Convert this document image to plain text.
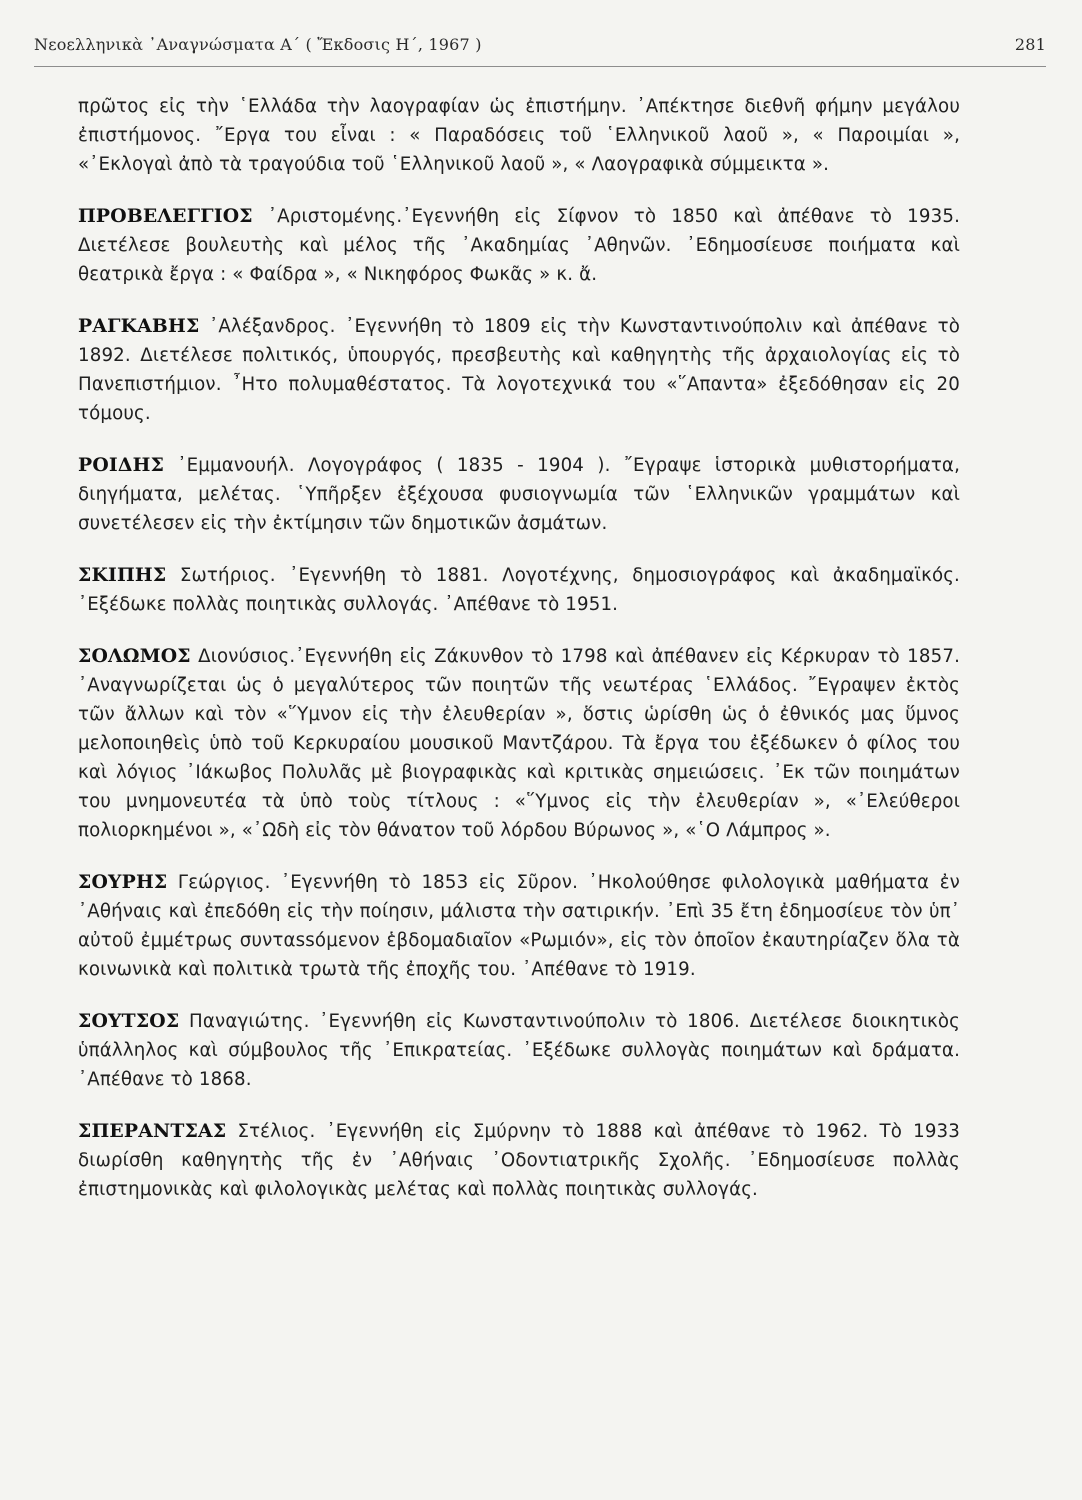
Νεοελληνικὰ ᾿Αναγνώσματα Α΄ ( Ἔκδοσις Η΄, 1967 )	281

πρῶτος εἰς τὴν ῾Ελλάδα τὴν λαογραφίαν ὡς ἐπιστήμην. ᾿Απέκτησε διεθνῆ φήμην μεγάλου ἐπιστήμονος. ῎Εργα του εἶναι : « Παραδόσεις τοῦ ῾Ελληνικοῦ λαοῦ », « Παροιμίαι », «᾿Εκλογαὶ ἀπὸ τὰ τραγούδια τοῦ ῾Ελληνικοῦ λαοῦ », « Λαογραφικὰ σύμμεικτα ».

ΠΡΟΒΕΛΕΓΓΙΟΣ ᾿Αριστομένης.᾿Εγεννήθη εἰς Σίφνον τὸ 1850 καὶ ἀπέθανε τὸ 1935. Διετέλεσε βουλευτὴς καὶ μέλος τῆς ᾿Ακαδημίας ᾿Αθηνῶν. ᾿Εδημοσίευσε ποιήματα καὶ θεατρικὰ ἔργα : « Φαίδρα », « Νικηφόρος Φωκᾶς » κ. ἄ.

ΡΑΓΚΑΒΗΣ ᾿Αλέξανδρος. ᾿Εγεννήθη τὸ 1809 εἰς τὴν Κωνσταντινούπολιν καὶ ἀπέθανε τὸ 1892. Διετέλεσε πολιτικός, ὑπουργός, πρεσβευτὴς καὶ καθηγητὴς τῆς ἀρχαιολογίας εἰς τὸ Πανεπιστήμιον. ῏Ητο πολυμαθέστατος. Τὰ λογοτεχνικά του «῞Απαντα» ἐξεδόθησαν εἰς 20 τόμους.

ΡΟΙΔΗΣ ᾿Εμμανουήλ. Λογογράφος ( 1835 - 1904 ). ῎Εγραψε ἱστορικὰ μυθιστορήματα, διηγήματα, μελέτας. ῾Υπῆρξεν ἐξέχουσα φυσιογνωμία τῶν ῾Ελληνικῶν γραμμάτων καὶ συνετέλεσεν εἰς τὴν ἐκτίμησιν τῶν δημοτικῶν ἀσμάτων.

ΣΚΙΠΗΣ Σωτήριος. ᾿Εγεννήθη τὸ 1881. Λογοτέχνης, δημοσιογράφος καὶ ἀκαδημαϊκός. ᾿Εξέδωκε πολλὰς ποιητικὰς συλλογάς. ᾿Απέθανε τὸ 1951.

ΣΟΛΩΜΟΣ Διονύσιος.᾿Εγεννήθη εἰς Ζάκυνθον τὸ 1798 καὶ ἀπέθανεν εἰς Κέρκυραν τὸ 1857. ᾿Αναγνωρίζεται ὡς ὁ μεγαλύτερος τῶν ποιητῶν τῆς νεωτέρας ῾Ελλάδος. ῎Εγραψεν ἐκτὸς τῶν ἄλλων καὶ τὸν «῞Υμνον εἰς τὴν ἐλευθερίαν », ὅστις ὡρίσθη ὡς ὁ ἐθνικός μας ὕμνος μελοποιηθεὶς ὑπὸ τοῦ Κερκυραίου μουσικοῦ Μαντζάρου. Τὰ ἔργα του ἐξέδωκεν ὁ φίλος του καὶ λόγιος ᾿Ιάκωβος Πολυλᾶς μὲ βιογραφικὰς καὶ κριτικὰς σημειώσεις. ᾿Εκ τῶν ποιημάτων του μνημονευτέα τὰ ὑπὸ τοὺς τίτλους : «῞Υμνος εἰς τὴν ἐλευθερίαν », «᾿Ελεύθεροι πολιορκημένοι », «᾿Ωδὴ εἰς τὸν θάνατον τοῦ λόρδου Βύρωνος », «῾Ο Λάμπρος ».

ΣΟΥΡΗΣ Γεώργιος. ᾿Εγεννήθη τὸ 1853 εἰς Σῦρον. ᾿Ηκολούθησε φιλολογικὰ μαθήματα ἐν ᾿Αθήναις καὶ ἐπεδόθη εἰς τὴν ποίησιν, μάλιστα τὴν σατιρικήν. ᾿Επὶ 35 ἔτη ἐδημοσίευε τὸν ὑπ᾿ αὐτοῦ ἐμμέτρως συνταssόμενον ἑβδομαδιαῖον «Ρωμιόν», εἰς τὸν ὁποῖον ἐκαυτηρίαζεν ὅλα τὰ κοινωνικὰ καὶ πολιτικὰ τρωτὰ τῆς ἐποχῆς του. ᾿Απέθανε τὸ 1919.

ΣΟΥΤΣΟΣ Παναγιώτης. ᾿Εγεννήθη εἰς Κωνσταντινούπολιν τὸ 1806. Διετέλεσε διοικητικὸς ὑπάλληλος καὶ σύμβουλος τῆς ᾿Επικρατείας. ᾿Εξέδωκε συλλογὰς ποιημάτων καὶ δράματα. ᾿Απέθανε τὸ 1868.

ΣΠΕΡΑΝΤΣΑΣ Στέλιος. ᾿Εγεννήθη εἰς Σμύρνην τὸ 1888 καὶ ἀπέθανε τὸ 1962. Τὸ 1933 διωρίσθη καθηγητὴς τῆς ἐν ᾿Αθήναις ᾿Οδοντιατρικῆς Σχολῆς. ᾿Εδημοσίευσε πολλὰς ἐπιστημονικὰς καὶ φιλολογικὰς μελέτας καὶ πολλὰς ποιητικὰς συλλογάς.
